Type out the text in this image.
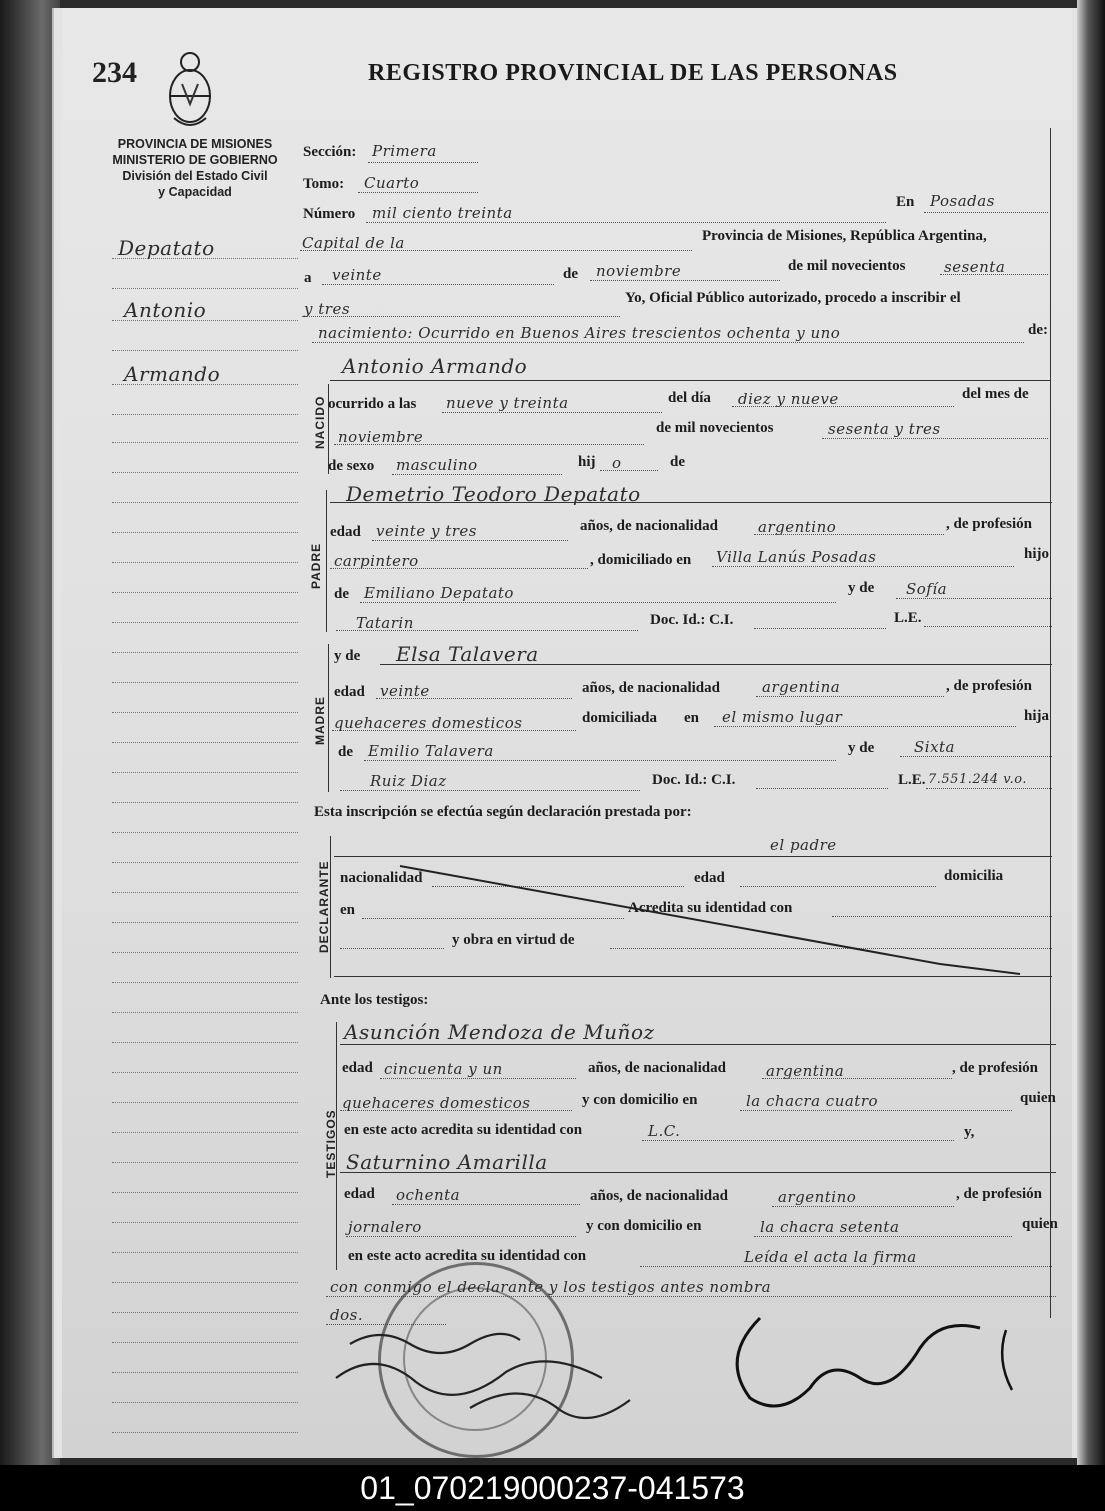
234	REGISTRO PROVINCIAL DE LAS PERSONAS
PROVINCIA DE MISIONES
MINISTERIO DE GOBIERNO
División del Estado Civil
y Capacidad
Depatato
Antonio
Armando
Sección: Primera
Tomo: Cuarto
Número mil ciento treinta
En Posadas
Capital de la	Provincia de Misiones, República Argentina,
a veinte	de noviembre	de mil novecientos	sesenta
y tres
Yo, Oficial Público autorizado, procedo a inscribir el
nacimiento: Ocurrido en Buenos Aires trescientos ochenta y uno	de:
NACIDO
Antonio Armando
ocurrido a las nueve y treinta	del día diez y nueve	del mes de
noviembre	de mil novecientos	sesenta y tres
de sexo masculino	hij o	de
PADRE
Demetrio Teodoro Depatato
edad veinte y tres	años, de nacionalidad	argentino	, de profesión
carpintero	, domiciliado en Villa Lanús Posadas	hijo
de Emiliano Depatato	y de Sofía
Tatarin	Doc. Id.: C.I.	L.E.
MADRE
y de Elsa Talavera
edad veinte	años, de nacionalidad	argentina	, de profesión
quehaceres domesticos	domiciliada en el mismo lugar	hija
de Emilio Talavera	y de	Sixta
Ruiz Diaz	Doc. Id.: C.I.	L.E. 7.551.244 v.o.
Esta inscripción se efectúa según declaración prestada por:
DECLARANTE
el padre
nacionalidad	edad	domicilia
en	Acredita su identidad con
y obra en virtud de
Ante los testigos:
TESTIGOS
Asunción Mendoza de Muñoz
edad cincuenta y un	años, de nacionalidad	argentina	, de profesión
quehaceres domesticos	y con domicilio en	la chacra cuatro	quien
en este acto acredita su identidad con	L.C.	y,
Saturnino Amarilla
edad ochenta	años, de nacionalidad	argentino	, de profesión
jornalero	y con domicilio en	la chacra setenta	quien
en este acto acredita su identidad con	Leída el acta la firma
con conmigo el declarante y los testigos antes nombra
dos.
01_070219000237-041573
